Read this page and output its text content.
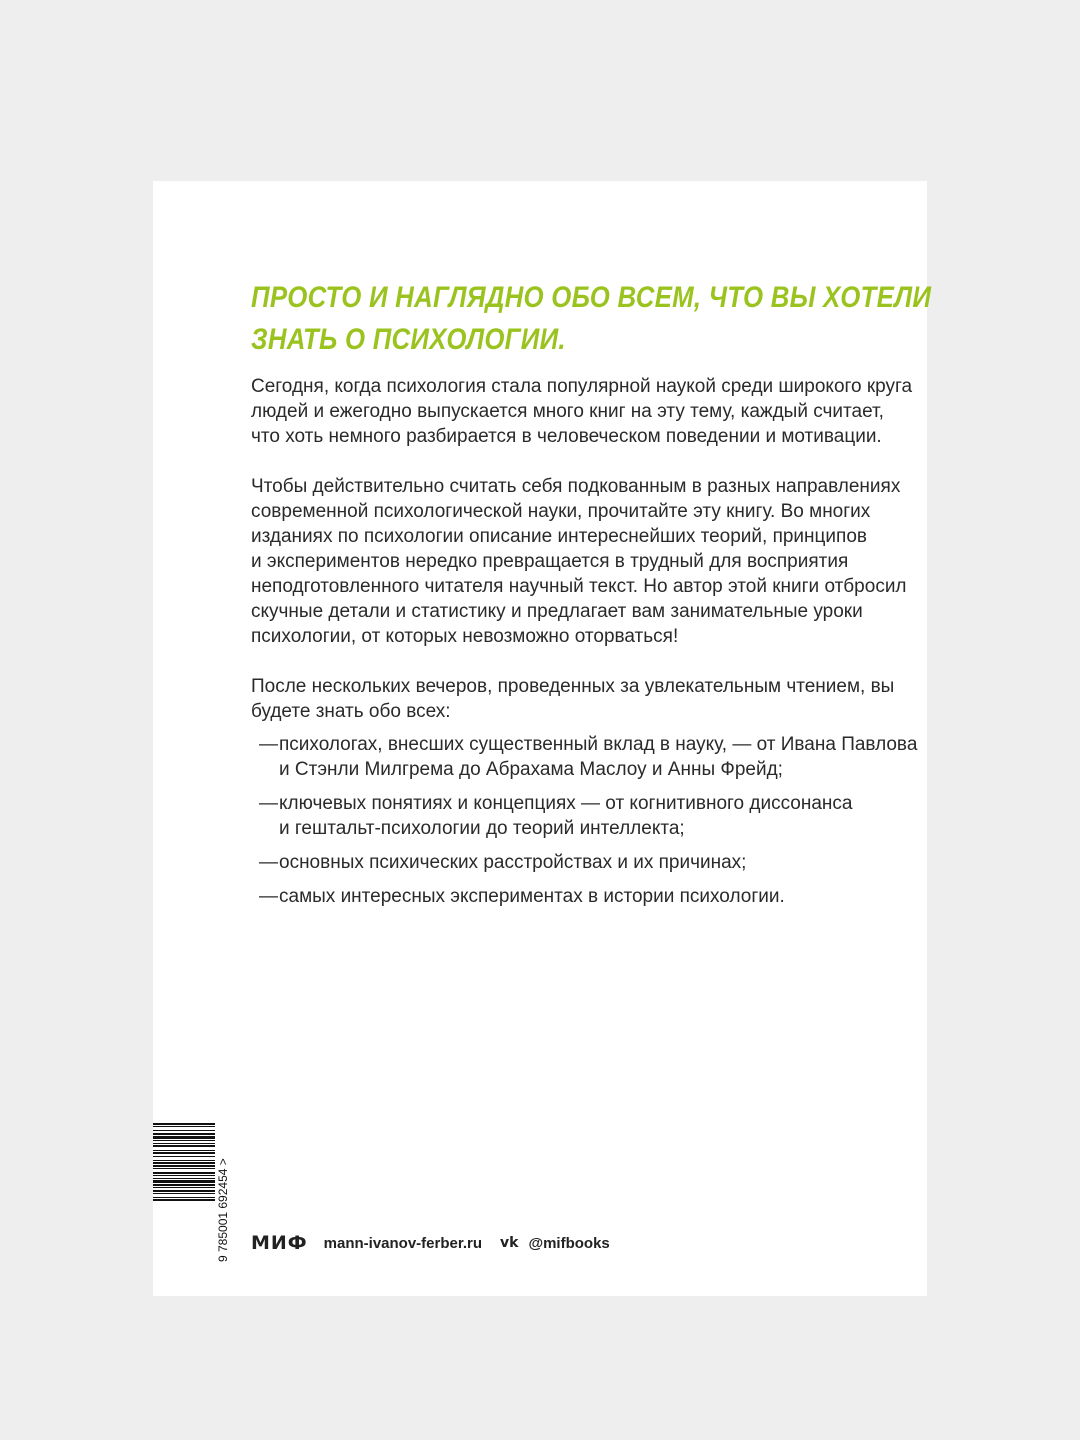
ПРОСТО И НАГЛЯДНО ОБО ВСЕМ, ЧТО ВЫ ХОТЕЛИ
ЗНАТЬ О ПСИХОЛОГИИ.

Сегодня, когда психология стала популярной наукой среди широкого круга
людей и ежегодно выпускается много книг на эту тему, каждый считает,
что хоть немного разбирается в человеческом поведении и мотивации.

Чтобы действительно считать себя подкованным в разных направлениях
современной психологической науки, прочитайте эту книгу. Во многих
изданиях по психологии описание интереснейших теорий, принципов
и экспериментов нередко превращается в трудный для восприятия
неподготовленного читателя научный текст. Но автор этой книги отбросил
скучные детали и статистику и предлагает вам занимательные уроки
психологии, от которых невозможно оторваться!

После нескольких вечеров, проведенных за увлекательным чтением, вы
будете знать обо всех:

— психологах, внесших существенный вклад в науку, — от Ивана Павлова
и Стэнли Милгрема до Абрахама Маслоу и Анны Фрейд;
— ключевых понятиях и концепциях — от когнитивного диссонанса
и гештальт-психологии до теорий интеллекта;
— основных психических расстройствах и их причинах;
— самых интересных экспериментах в истории психологии.
9 785001 692454 > МИФ mann-ivanov-ferber.ru vk @mifbooks
